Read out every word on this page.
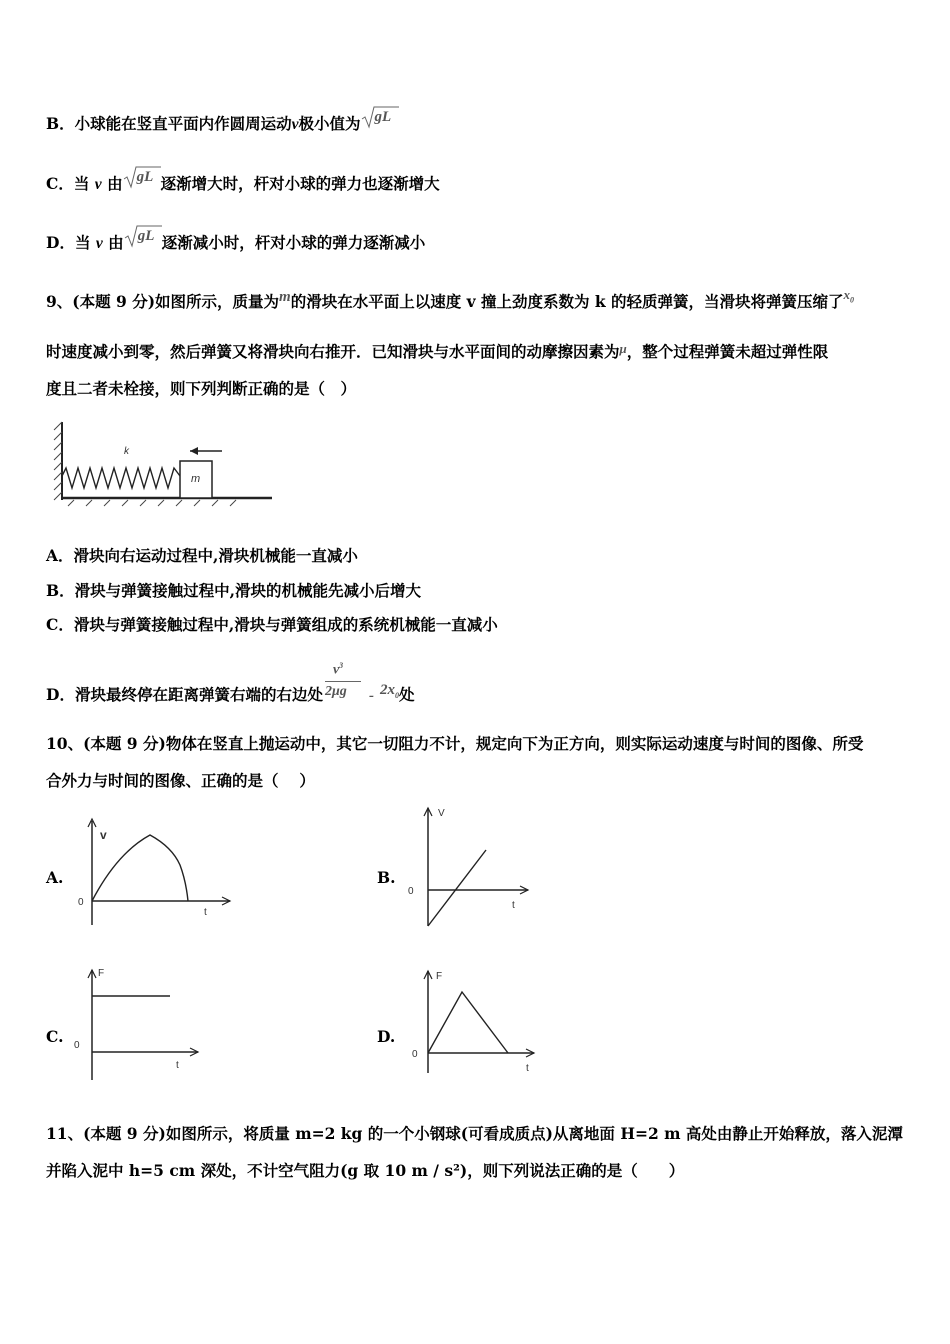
B．小球能在竖直平面内作圆周运动v极小值为 gL
C．当 v 由 gL 逐渐增大时，杆对小球的弹力也逐渐增大
D．当 v 由 gL 逐渐减小时，杆对小球的弹力逐渐减小
9、(本题 9 分)如图所示，质量为m的滑块在水平面上以速度 v 撞上劲度系数为 k 的轻质弹簧，当滑块将弹簧压缩了$^{x_0}$
时速度减小到零，然后弹簧又将滑块向右推开．已知滑块与水平面间的动摩擦因素为$^\mu$，整个过程弹簧未超过弹性限
度且二者未栓接，则下列判断正确的是（　）
m
k
A．滑块向右运动过程中,滑块机械能一直减小
B．滑块与弹簧接触过程中,滑块的机械能先减小后增大
C．滑块与弹簧接触过程中,滑块与弹簧组成的系统机械能一直减小
D．滑块最终停在距离弹簧右端的右边处 $\frac{v^3}{2\mu g} - 2x_0$处
10、(本题 9 分)物体在竖直上抛运动中，其它一切阻力不计，规定向下为正方向，则实际运动速度与时间的图像、所受
合外力与时间的图像、正确的是（　 ）
A.
v
0
t
B.
V
0
t
C.
F
0
t
D.
F
0
t
11、(本题 9 分)如图所示，将质量 m=2 kg 的一个小钢球(可看成质点)从离地面 H=2 m 高处由静止开始释放，落入泥潭
并陷入泥中 h=5 cm 深处，不计空气阻力(g 取 10 m / s²)，则下列说法正确的是（　　）
